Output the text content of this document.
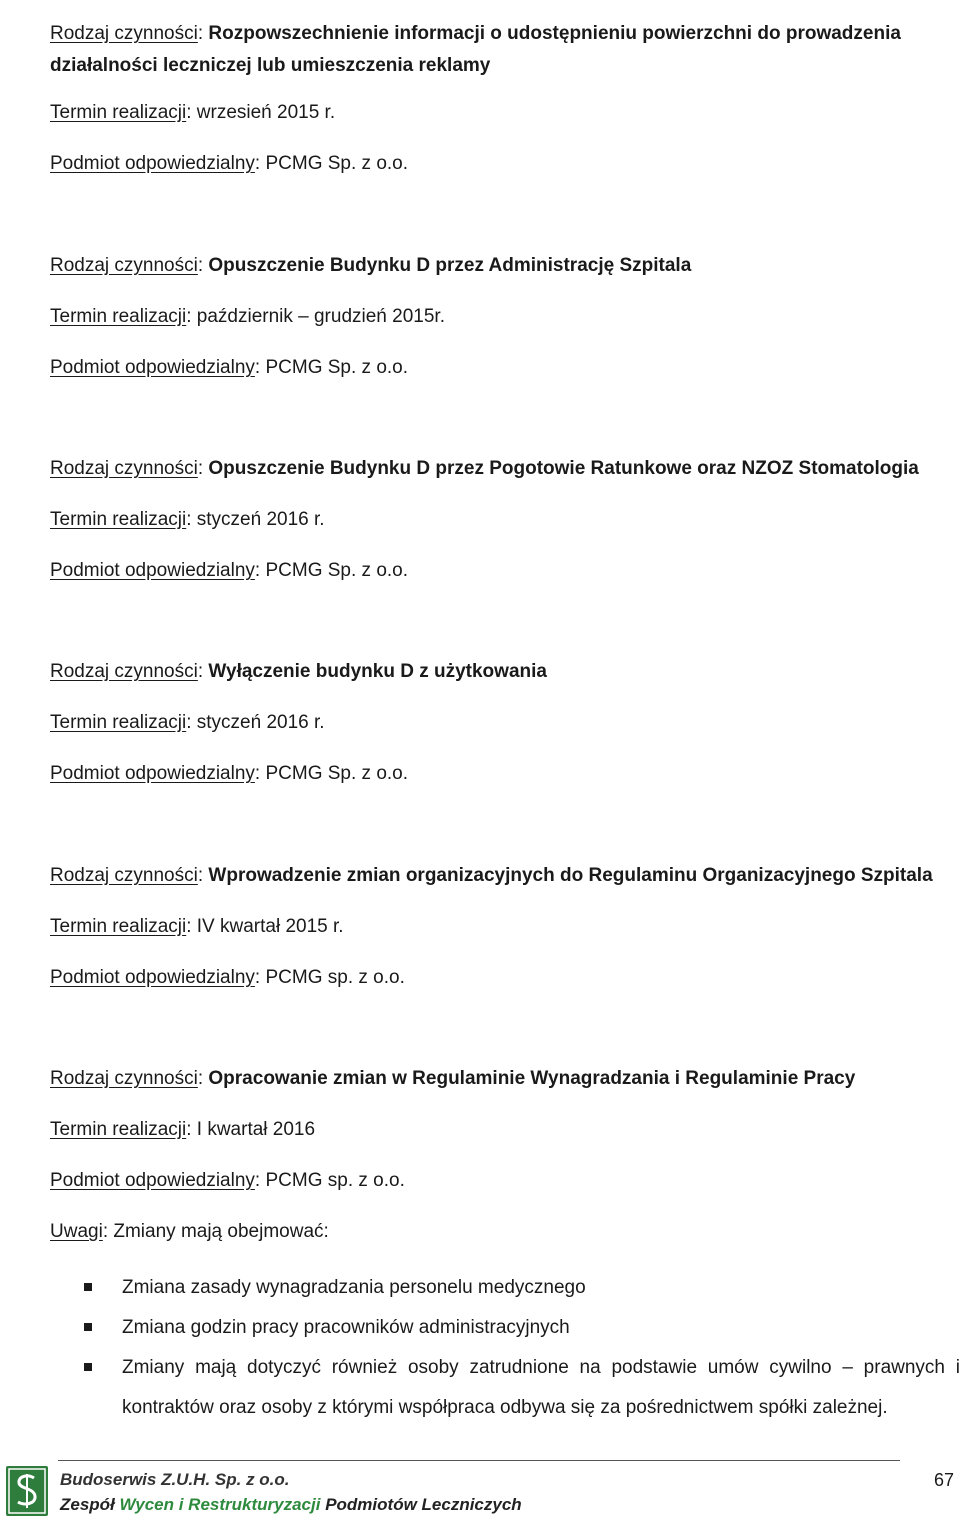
Rodzaj czynności: Rozpowszechnienie informacji o udostępnieniu powierzchni do prowadzenia działalności leczniczej lub umieszczenia reklamy
Termin realizacji: wrzesień 2015 r.
Podmiot odpowiedzialny: PCMG Sp. z o.o.
Rodzaj czynności: Opuszczenie Budynku D przez Administrację Szpitala
Termin realizacji: październik – grudzień 2015r.
Podmiot odpowiedzialny: PCMG Sp. z o.o.
Rodzaj czynności: Opuszczenie Budynku D przez Pogotowie Ratunkowe oraz NZOZ Stomatologia
Termin realizacji: styczeń 2016 r.
Podmiot odpowiedzialny: PCMG Sp. z o.o.
Rodzaj czynności: Wyłączenie budynku D z użytkowania
Termin realizacji: styczeń 2016 r.
Podmiot odpowiedzialny: PCMG Sp. z o.o.
Rodzaj czynności: Wprowadzenie zmian organizacyjnych do Regulaminu Organizacyjnego Szpitala
Termin realizacji: IV kwartał 2015 r.
Podmiot odpowiedzialny: PCMG sp. z o.o.
Rodzaj czynności: Opracowanie zmian w Regulaminie Wynagradzania i Regulaminie Pracy
Termin realizacji: I kwartał 2016
Podmiot odpowiedzialny: PCMG sp. z o.o.
Uwagi: Zmiany mają obejmować:
Zmiana zasady wynagradzania personelu medycznego
Zmiana godzin pracy pracowników administracyjnych
Zmiany mają dotyczyć również osoby zatrudnione na podstawie umów cywilno – prawnych i kontraktów oraz osoby z którymi współpraca odbywa się za pośrednictwem spółki zależnej.
Budoserwis Z.U.H. Sp. z o.o.
Zespół Wycen i Restrukturyzacji Podmiotów Leczniczych
67
